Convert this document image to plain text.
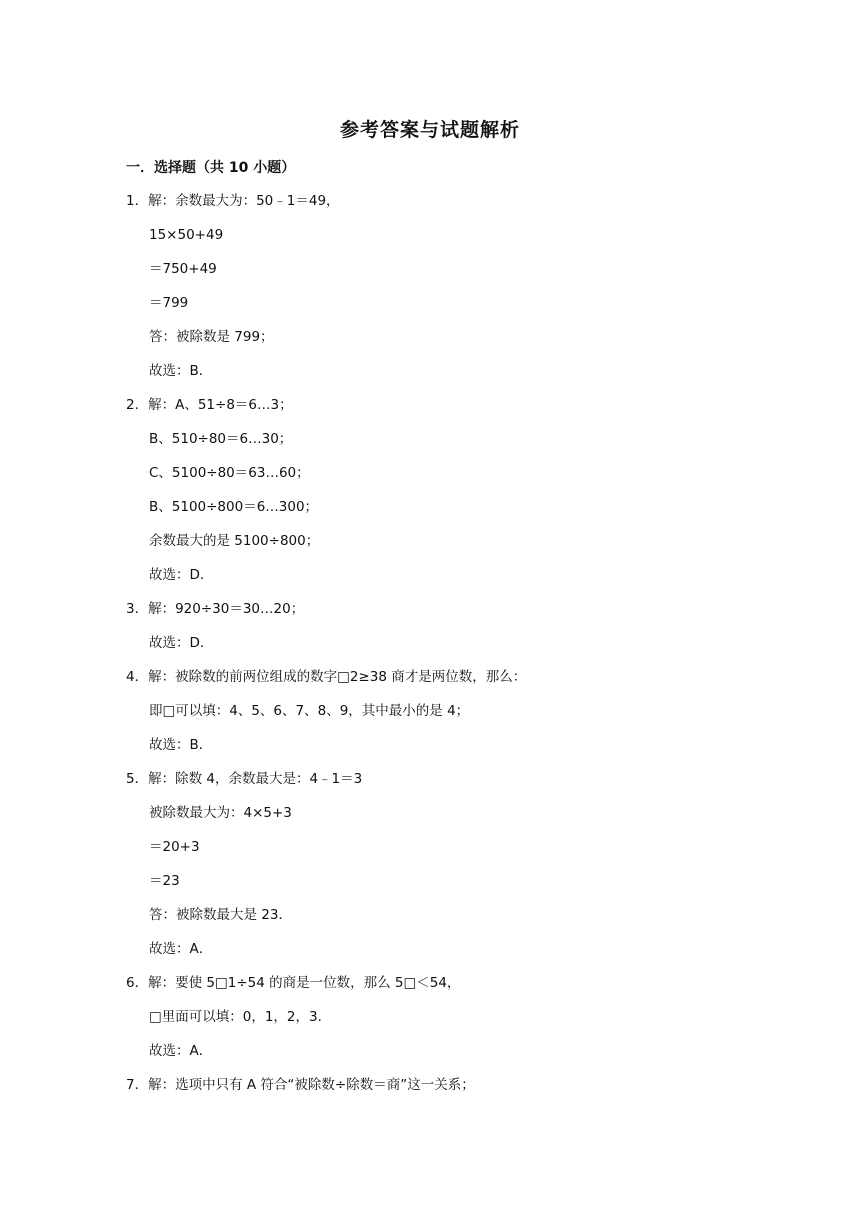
参考答案与试题解析
一．选择题（共 10 小题）
1．解：余数最大为：50﹣1＝49，
15×50+49
＝750+49
＝799
答：被除数是 799；
故选：B．
2．解：A、51÷8＝6…3；
B、510÷80＝6…30；
C、5100÷80＝63…60；
B、5100÷800＝6…300；
余数最大的是 5100÷800；
故选：D．
3．解：920÷30＝30…20；
故选：D．
4．解：被除数的前两位组成的数字□2≥38 商才是两位数，那么：
即□可以填：4、5、6、7、8、9，其中最小的是 4；
故选：B．
5．解：除数 4，余数最大是：4﹣1＝3
被除数最大为：4×5+3
＝20+3
＝23
答：被除数最大是 23．
故选：A．
6．解：要使 5□1÷54 的商是一位数，那么 5□＜54，
□里面可以填：0，1，2，3．
故选：A．
7．解：选项中只有 A 符合“被除数÷除数＝商”这一关系；
